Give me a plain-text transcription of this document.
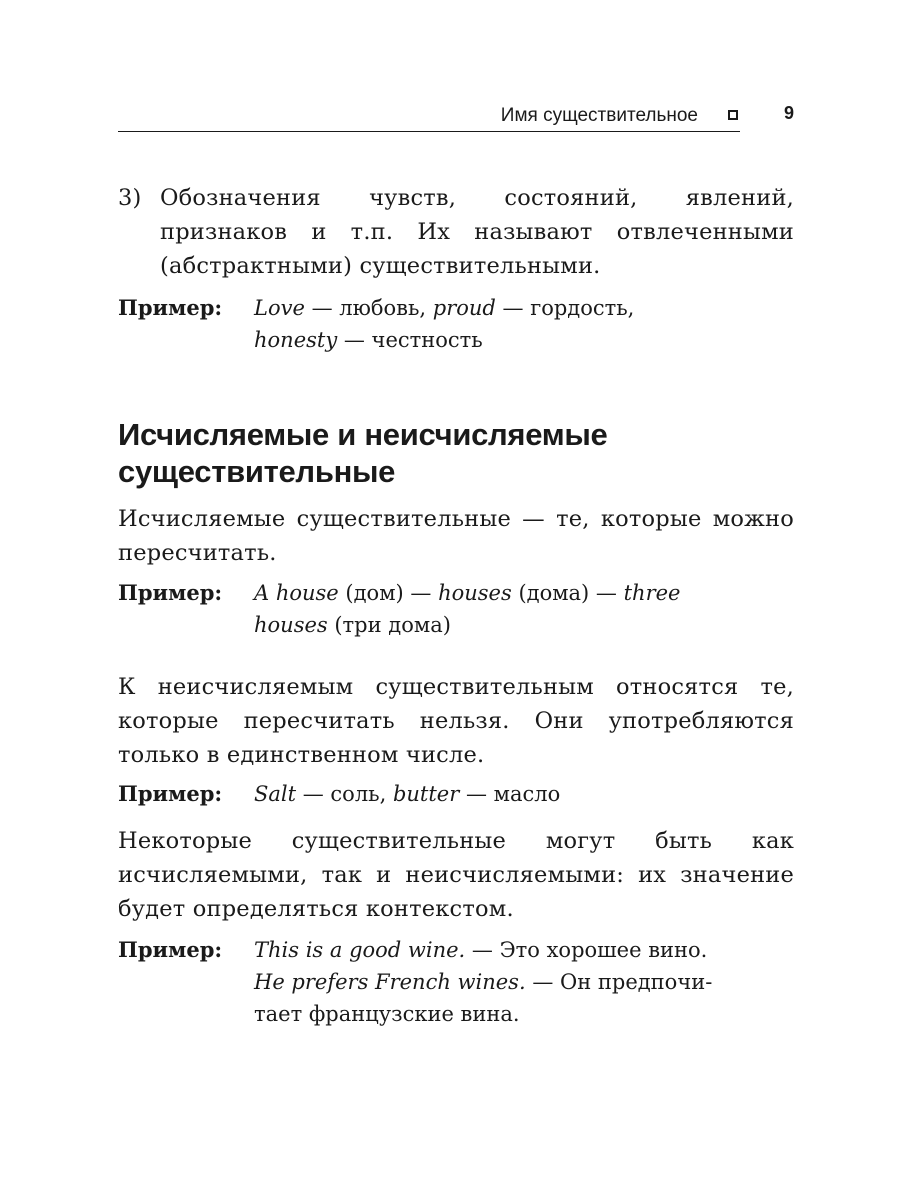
Имя существительное	9
3) Обозначения чувств, состояний, явлений, признаков и т.п. Их называют отвлеченными (абстрактными) существительными.
Пример:	Love — любовь, proud — гордость,
honesty — честность
Исчисляемые и неисчисляемые
существительные
Исчисляемые существительные — те, которые можно пересчитать.
Пример:	A house (дом) — houses (дома) — three
houses (три дома)
К неисчисляемым существительным относятся те, которые пересчитать нельзя. Они употребляются только в единственном числе.
Пример:	Salt — соль, butter — масло
Некоторые существительные могут быть как исчисляемыми, так и неисчисляемыми: их значение будет определяться контекстом.
Пример:	This is a good wine. — Это хорошее вино.
He prefers French wines. — Он предпочи-
тает французские вина.
